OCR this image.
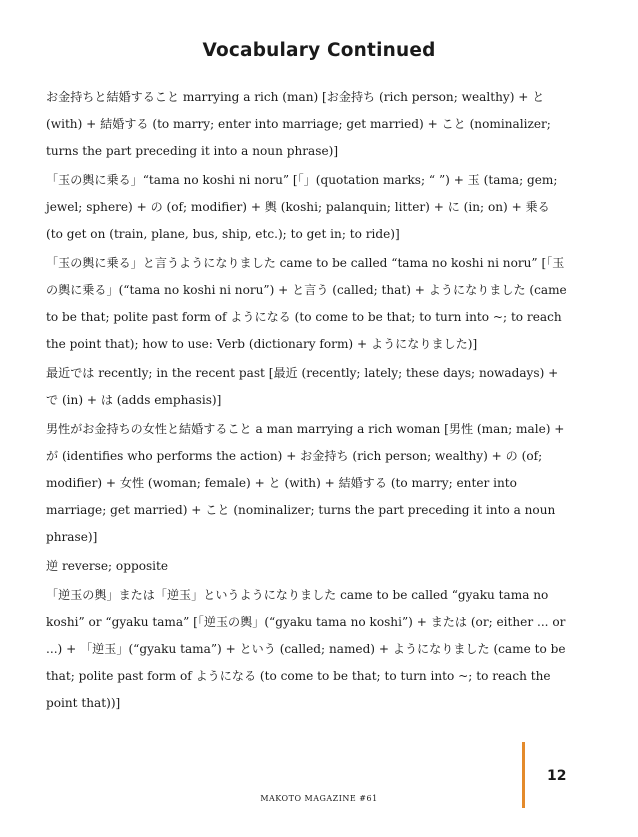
Vocabulary Continued
お金持ちと結婚すること marrying a rich (man) [お金持ち (rich person; wealthy) + と (with) + 結婚する (to marry; enter into marriage; get married) + こと (nominalizer; turns the part preceding it into a noun phrase)]
「玉の輿に乗る」“tama no koshi ni noru” [「」(quotation marks; “ ”) + 玉 (tama; gem; jewel; sphere) + の (of; modifier) + 輿 (koshi; palanquin; litter) + に (in; on) + 乗る (to get on (train, plane, bus, ship, etc.); to get in; to ride)]
「玉の輿に乗る」と言うようになりました came to be called “tama no koshi ni noru” [「玉の輿に乗る」(“tama no koshi ni noru”) + と言う (called; that) + ようになりました (came to be that; polite past form of ようになる (to come to be that; to turn into ~; to reach the point that); how to use: Verb (dictionary form) + ようになりました)]
最近では recently; in the recent past [最近 (recently; lately; these days; nowadays) + で (in) + は (adds emphasis)]
男性がお金持ちの女性と結婚すること a man marrying a rich woman [男性 (man; male) + が (identifies who performs the action) + お金持ち (rich person; wealthy) + の (of; modifier) + 女性 (woman; female) + と (with) + 結婚する (to marry; enter into marriage; get married) + こと (nominalizer; turns the part preceding it into a noun phrase)]
逆 reverse; opposite
「逆玉の輿」または「逆玉」というようになりました came to be called “gyaku tama no koshi” or “gyaku tama” [「逆玉の輿」(“gyaku tama no koshi”) + または (or; either ... or ...) + 「逆玉」(“gyaku tama”) + という (called; named) + ようになりました (came to be that; polite past form of ようになる (to come to be that; to turn into ~; to reach the point that))]
12
MAKOTO MAGAZINE #61
